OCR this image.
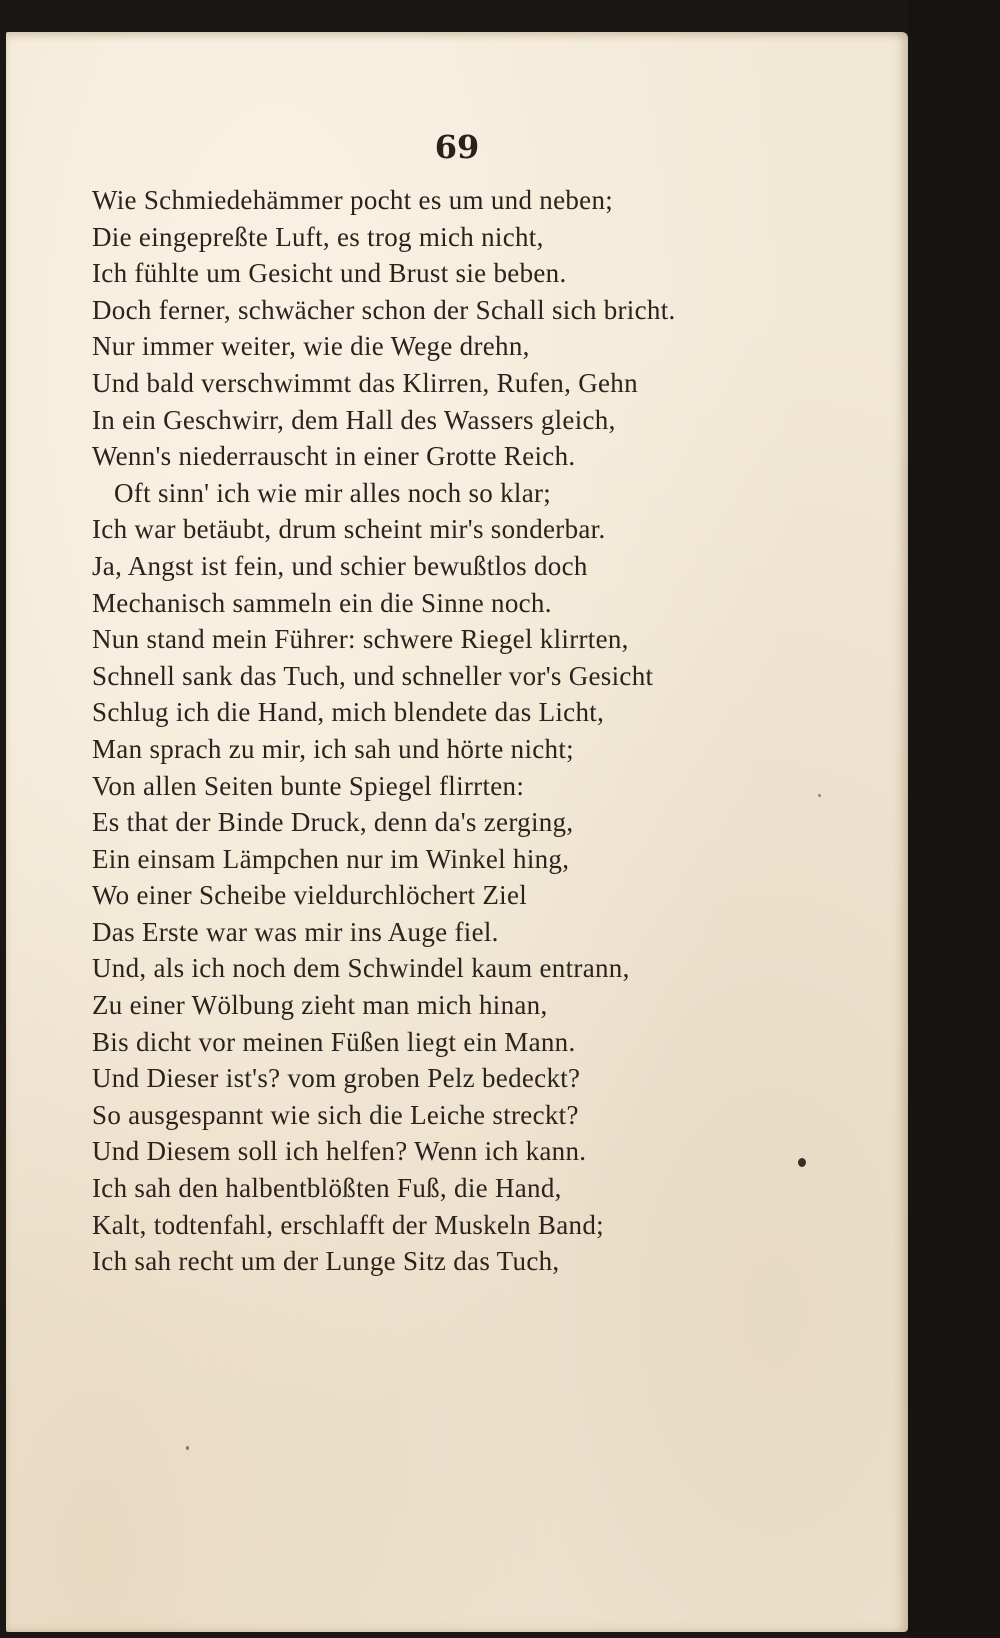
69
Wie Schmiedehämmer pocht es um und neben;
Die eingepreßte Luft, es trog mich nicht,
Ich fühlte um Gesicht und Brust sie beben.
Doch ferner, schwächer schon der Schall sich bricht.
Nur immer weiter, wie die Wege drehn,
Und bald verschwimmt das Klirren, Rufen, Gehn
In ein Geschwirr, dem Hall des Wassers gleich,
Wenn's niederrauscht in einer Grotte Reich.
Oft sinn' ich wie mir alles noch so klar;
Ich war betäubt, drum scheint mir's sonderbar.
Ja, Angst ist fein, und schier bewußtlos doch
Mechanisch sammeln ein die Sinne noch.
Nun stand mein Führer: schwere Riegel klirrten,
Schnell sank das Tuch, und schneller vor's Gesicht
Schlug ich die Hand, mich blendete das Licht,
Man sprach zu mir, ich sah und hörte nicht;
Von allen Seiten bunte Spiegel flirrten:
Es that der Binde Druck, denn da's zerging,
Ein einsam Lämpchen nur im Winkel hing,
Wo einer Scheibe vieldurchlöchert Ziel
Das Erste war was mir ins Auge fiel.
Und, als ich noch dem Schwindel kaum entrann,
Zu einer Wölbung zieht man mich hinan,
Bis dicht vor meinen Füßen liegt ein Mann.
Und Dieser ist's? vom groben Pelz bedeckt?
So ausgespannt wie sich die Leiche streckt?
Und Diesem soll ich helfen? Wenn ich kann.
Ich sah den halbentblößten Fuß, die Hand,
Kalt, todtenfahl, erschlafft der Muskeln Band;
Ich sah recht um der Lunge Sitz das Tuch,
